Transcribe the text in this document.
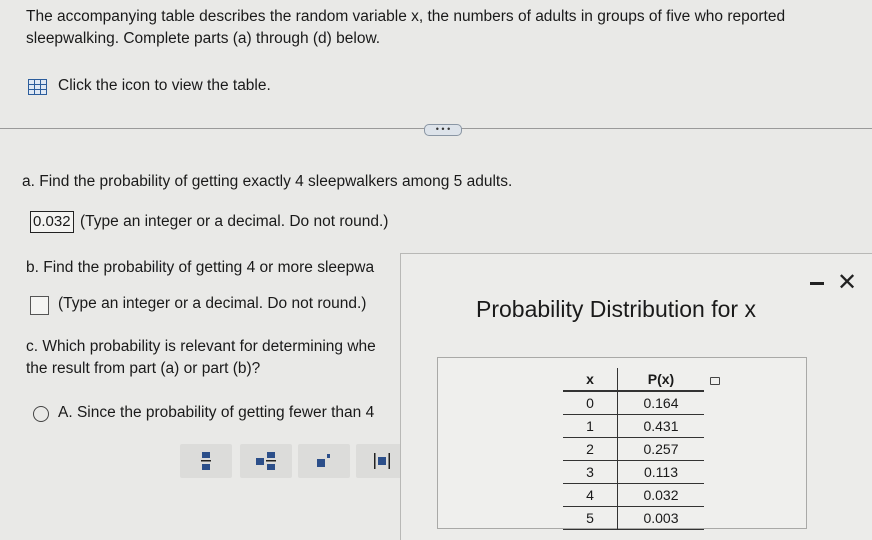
The accompanying table describes the random variable x, the numbers of adults in groups of five who reported
sleepwalking. Complete parts (a) through (d) below.
Click the icon to view the table.
• • •
a. Find the probability of getting exactly 4 sleepwalkers among 5 adults.
0.032 (Type an integer or a decimal. Do not round.)
b. Find the probability of getting 4 or more sleepwa
(Type an integer or a decimal. Do not round.)
c. Which probability is relevant for determining whe
the result from part (a) or part (b)?
A. Since the probability of getting fewer than 4
Probability Distribution for x
✕
x	P(x)
0	0.164
1	0.431
2	0.257
3	0.113
4	0.032
5	0.003
